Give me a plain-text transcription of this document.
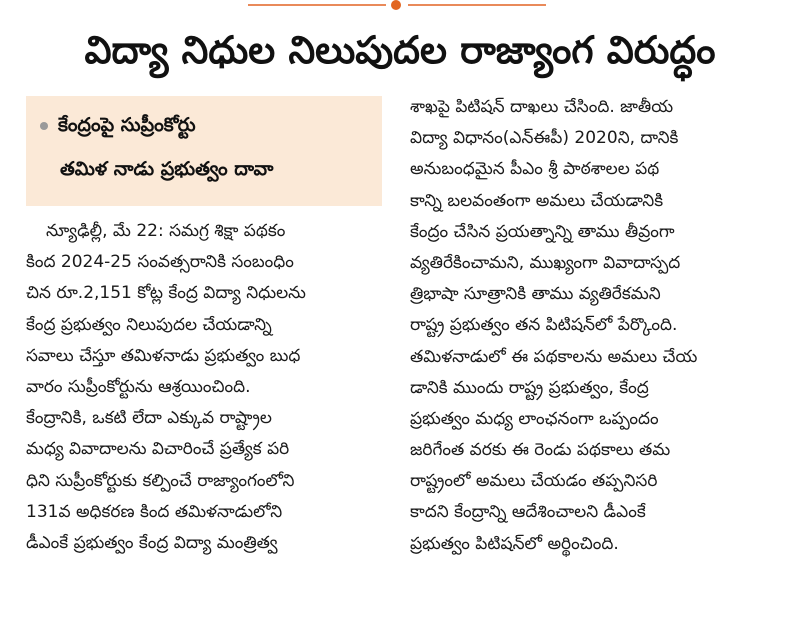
విద్యా నిధుల నిలుపుదల రాజ్యాంగ విరుద్ధం
కేంద్రంపై సుప్రీంకోర్టు
తమిళ నాడు ప్రభుత్వం దావా
న్యూఢిల్లీ, మే 22: సమగ్ర శిక్షా పథకం
కింద 2024-25 సంవత్సరానికి సంబంధిం
చిన రూ.2,151 కోట్ల కేంద్ర విద్యా నిధులను
కేంద్ర ప్రభుత్వం నిలుపుదల చేయడాన్ని
సవాలు చేస్తూ తమిళనాడు ప్రభుత్వం బుధ
వారం సుప్రీంకోర్టును ఆశ్రయించింది.
కేంద్రానికి, ఒకటి లేదా ఎక్కువ రాష్ట్రాల
మధ్య వివాదాలను విచారించే ప్రత్యేక పరి
ధిని సుప్రీంకోర్టుకు కల్పించే రాజ్యాంగంలోని
131వ అధికరణ కింద తమిళనాడులోని
డీఎంకే ప్రభుత్వం కేంద్ర విద్యా మంత్రిత్వ
శాఖపై పిటిషన్ దాఖలు చేసింది. జాతీయ
విద్యా విధానం(ఎన్ఈపీ) 2020ని, దానికి
అనుబంధమైన పీఎం శ్రీ పాఠశాలల పథ
కాన్ని బలవంతంగా అమలు చేయడానికి
కేంద్రం చేసిన ప్రయత్నాన్ని తాము తీవ్రంగా
వ్యతిరేకించామని, ముఖ్యంగా వివాదాస్పద
త్రిభాషా సూత్రానికి తాము వ్యతిరేకమని
రాష్ట్ర ప్రభుత్వం తన పిటిషన్‌లో పేర్కొంది.
తమిళనాడులో ఈ పథకాలను అమలు చేయ
డానికి ముందు రాష్ట్ర ప్రభుత్వం, కేంద్ర
ప్రభుత్వం మధ్య లాంఛనంగా ఒప్పందం
జరిగేంత వరకు ఈ రెండు పథకాలు తమ
రాష్ట్రంలో అమలు చేయడం తప్పనిసరి
కాదని కేంద్రాన్ని ఆదేశించాలని డీఎంకే
ప్రభుత్వం పిటిషన్‌లో అర్థించింది.
